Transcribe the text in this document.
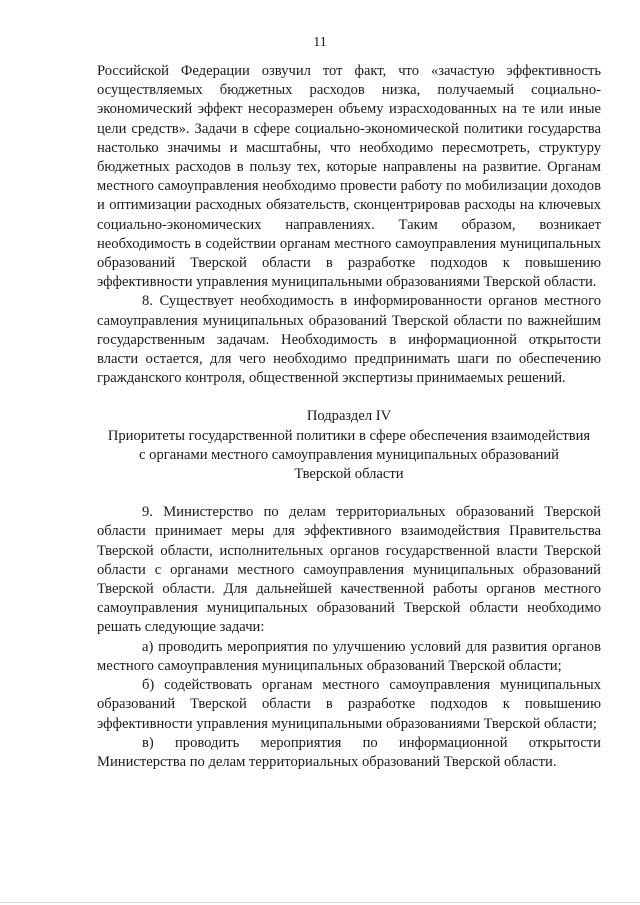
11

Российской Федерации озвучил тот факт, что «зачастую эффективность осуществляемых бюджетных расходов низка, получаемый социально-экономический эффект несоразмерен объему израсходованных на те или иные цели средств». Задачи в сфере социально-экономической политики государства настолько значимы и масштабны, что необходимо пересмотреть, структуру бюджетных расходов в пользу тех, которые направлены на развитие. Органам местного самоуправления необходимо провести работу по мобилизации доходов и оптимизации расходных обязательств, сконцентрировав расходы на ключевых социально-экономических направлениях. Таким образом, возникает необходимость в содействии органам местного самоуправления муниципальных образований Тверской области в разработке подходов к повышению эффективности управления муниципальными образованиями Тверской области.

8. Существует необходимость в информированности органов местного самоуправления муниципальных образований Тверской области по важнейшим государственным задачам. Необходимость в информационной открытости власти остается, для чего необходимо предпринимать шаги по обеспечению гражданского контроля, общественной экспертизы принимаемых решений.

Подраздел IV
Приоритеты государственной политики в сфере обеспечения взаимодействия
с органами местного самоуправления муниципальных образований
Тверской области

9. Министерство по делам территориальных образований Тверской области принимает меры для эффективного взаимодействия Правительства Тверской области, исполнительных органов государственной власти Тверской области с органами местного самоуправления муниципальных образований Тверской области. Для дальнейшей качественной работы органов местного самоуправления муниципальных образований Тверской области необходимо решать следующие задачи:

а) проводить мероприятия по улучшению условий для развития органов местного самоуправления муниципальных образований Тверской области;

б) содействовать органам местного самоуправления муниципальных образований Тверской области в разработке подходов к повышению эффективности управления муниципальными образованиями Тверской области;

в) проводить мероприятия по информационной открытости Министерства по делам территориальных образований Тверской области.
